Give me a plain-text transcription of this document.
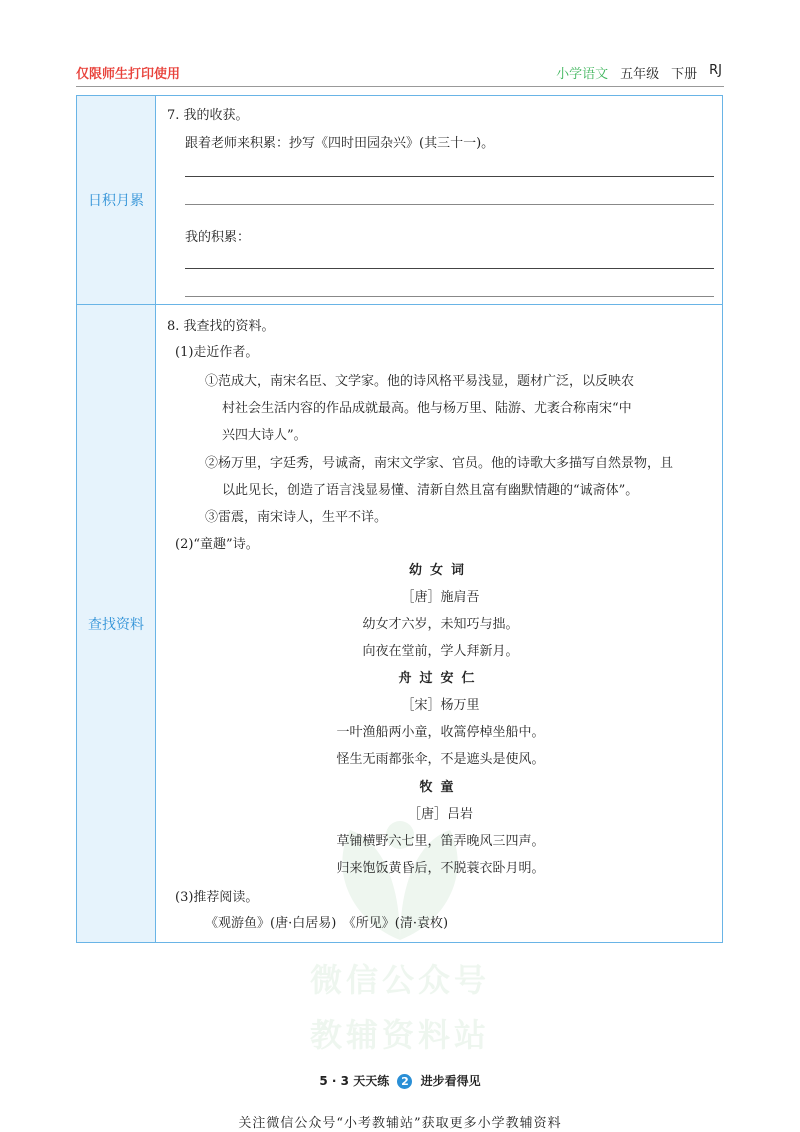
仅限师生打印使用	小学语文 五年级 下册 RJ
微信公众号
教辅资料站
日积月累
7. 我的收获。
跟着老师来积累：抄写《四时田园杂兴》(其三十一)。
我的积累：
查找资料
8. 我查找的资料。
(1)走近作者。
①范成大，南宋名臣、文学家。他的诗风格平易浅显，题材广泛，以反映农
村社会生活内容的作品成就最高。他与杨万里、陆游、尤袤合称南宋“中
兴四大诗人”。
②杨万里，字廷秀，号诚斋，南宋文学家、官员。他的诗歌大多描写自然景物，且
以此见长，创造了语言浅显易懂、清新自然且富有幽默情趣的“诚斋体”。
③雷震，南宋诗人，生平不详。
(2)“童趣”诗。
幼女词
［唐］施肩吾
幼女才六岁，未知巧与拙。
向夜在堂前，学人拜新月。
舟过安仁
［宋］杨万里
一叶渔船两小童，收篙停棹坐船中。
怪生无雨都张伞，不是遮头是使风。
牧童
［唐］吕岩
草铺横野六七里，笛弄晚风三四声。
归来饱饭黄昏后，不脱蓑衣卧月明。
(3)推荐阅读。
《观游鱼》(唐·白居易)　《所见》(清·袁枚)
5 · 3 天天练 2 进步看得见
关注微信公众号“小考教辅站”获取更多小学教辅资料
